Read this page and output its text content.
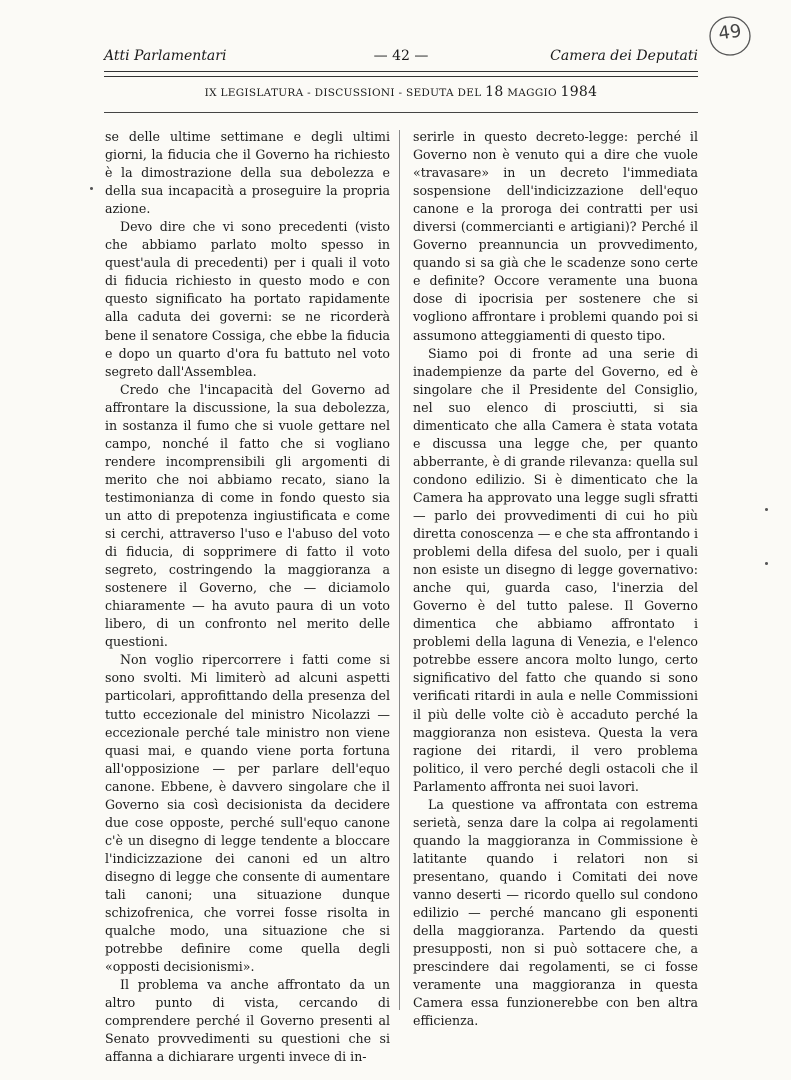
Atti Parlamentari	— 42 —	Camera dei Deputati
49
IX LEGISLATURA - DISCUSSIONI - SEDUTA DEL 18 MAGGIO 1984

se delle ultime settimane e degli ultimi giorni, la fiducia che il Governo ha richiesto è la dimostrazione della sua debolezza e della sua incapacità a proseguire la propria azione.

Devo dire che vi sono precedenti (visto che abbiamo parlato molto spesso in quest'aula di precedenti) per i quali il voto di fiducia richiesto in questo modo e con questo significato ha portato rapidamente alla caduta dei governi: se ne ricorderà bene il senatore Cossiga, che ebbe la fiducia e dopo un quarto d'ora fu battuto nel voto segreto dall'Assemblea.

Credo che l'incapacità del Governo ad affrontare la discussione, la sua debolezza, in sostanza il fumo che si vuole gettare nel campo, nonché il fatto che si vogliano rendere incomprensibili gli argomenti di merito che noi abbiamo recato, siano la testimonianza di come in fondo questo sia un atto di prepotenza ingiustificata e come si cerchi, attraverso l'uso e l'abuso del voto di fiducia, di sopprimere di fatto il voto segreto, costringendo la maggioranza a sostenere il Governo, che — diciamolo chiaramente — ha avuto paura di un voto libero, di un confronto nel merito delle questioni.

Non voglio ripercorrere i fatti come si sono svolti. Mi limiterò ad alcuni aspetti particolari, approfittando della presenza del tutto eccezionale del ministro Nicolazzi — eccezionale perché tale ministro non viene quasi mai, e quando viene porta fortuna all'opposizione — per parlare dell'equo canone. Ebbene, è davvero singolare che il Governo sia così decisionista da decidere due cose opposte, perché sull'equo canone c'è un disegno di legge tendente a bloccare l'indicizzazione dei canoni ed un altro disegno di legge che consente di aumentare tali canoni; una situazione dunque schizofrenica, che vorrei fosse risolta in qualche modo, una situazione che si potrebbe definire come quella degli «opposti decisionismi».

Il problema va anche affrontato da un altro punto di vista, cercando di comprendere perché il Governo presenti al Senato provvedimenti su questioni che si affanna a dichiarare urgenti invece di in-

serirle in questo decreto-legge: perché il Governo non è venuto qui a dire che vuole «travasare» in un decreto l'immediata sospensione dell'indicizzazione dell'equo canone e la proroga dei contratti per usi diversi (commercianti e artigiani)? Perché il Governo preannuncia un provvedimento, quando si sa già che le scadenze sono certe e definite? Occore veramente una buona dose di ipocrisia per sostenere che si vogliono affrontare i problemi quando poi si assumono atteggiamenti di questo tipo.

Siamo poi di fronte ad una serie di inadempienze da parte del Governo, ed è singolare che il Presidente del Consiglio, nel suo elenco di prosciutti, si sia dimenticato che alla Camera è stata votata e discussa una legge che, per quanto abberrante, è di grande rilevanza: quella sul condono edilizio. Si è dimenticato che la Camera ha approvato una legge sugli sfratti — parlo dei provvedimenti di cui ho più diretta conoscenza — e che sta affrontando i problemi della difesa del suolo, per i quali non esiste un disegno di legge governativo: anche qui, guarda caso, l'inerzia del Governo è del tutto palese. Il Governo dimentica che abbiamo affrontato i problemi della laguna di Venezia, e l'elenco potrebbe essere ancora molto lungo, certo significativo del fatto che quando si sono verificati ritardi in aula e nelle Commissioni il più delle volte ciò è accaduto perché la maggioranza non esisteva. Questa la vera ragione dei ritardi, il vero problema politico, il vero perché degli ostacoli che il Parlamento affronta nei suoi lavori.

La questione va affrontata con estrema serietà, senza dare la colpa ai regolamenti quando la maggioranza in Commissione è latitante quando i relatori non si presentano, quando i Comitati dei nove vanno deserti — ricordo quello sul condono edilizio — perché mancano gli esponenti della maggioranza. Partendo da questi presupposti, non si può sottacere che, a prescindere dai regolamenti, se ci fosse veramente una maggioranza in questa Camera essa funzionerebbe con ben altra efficienza.
